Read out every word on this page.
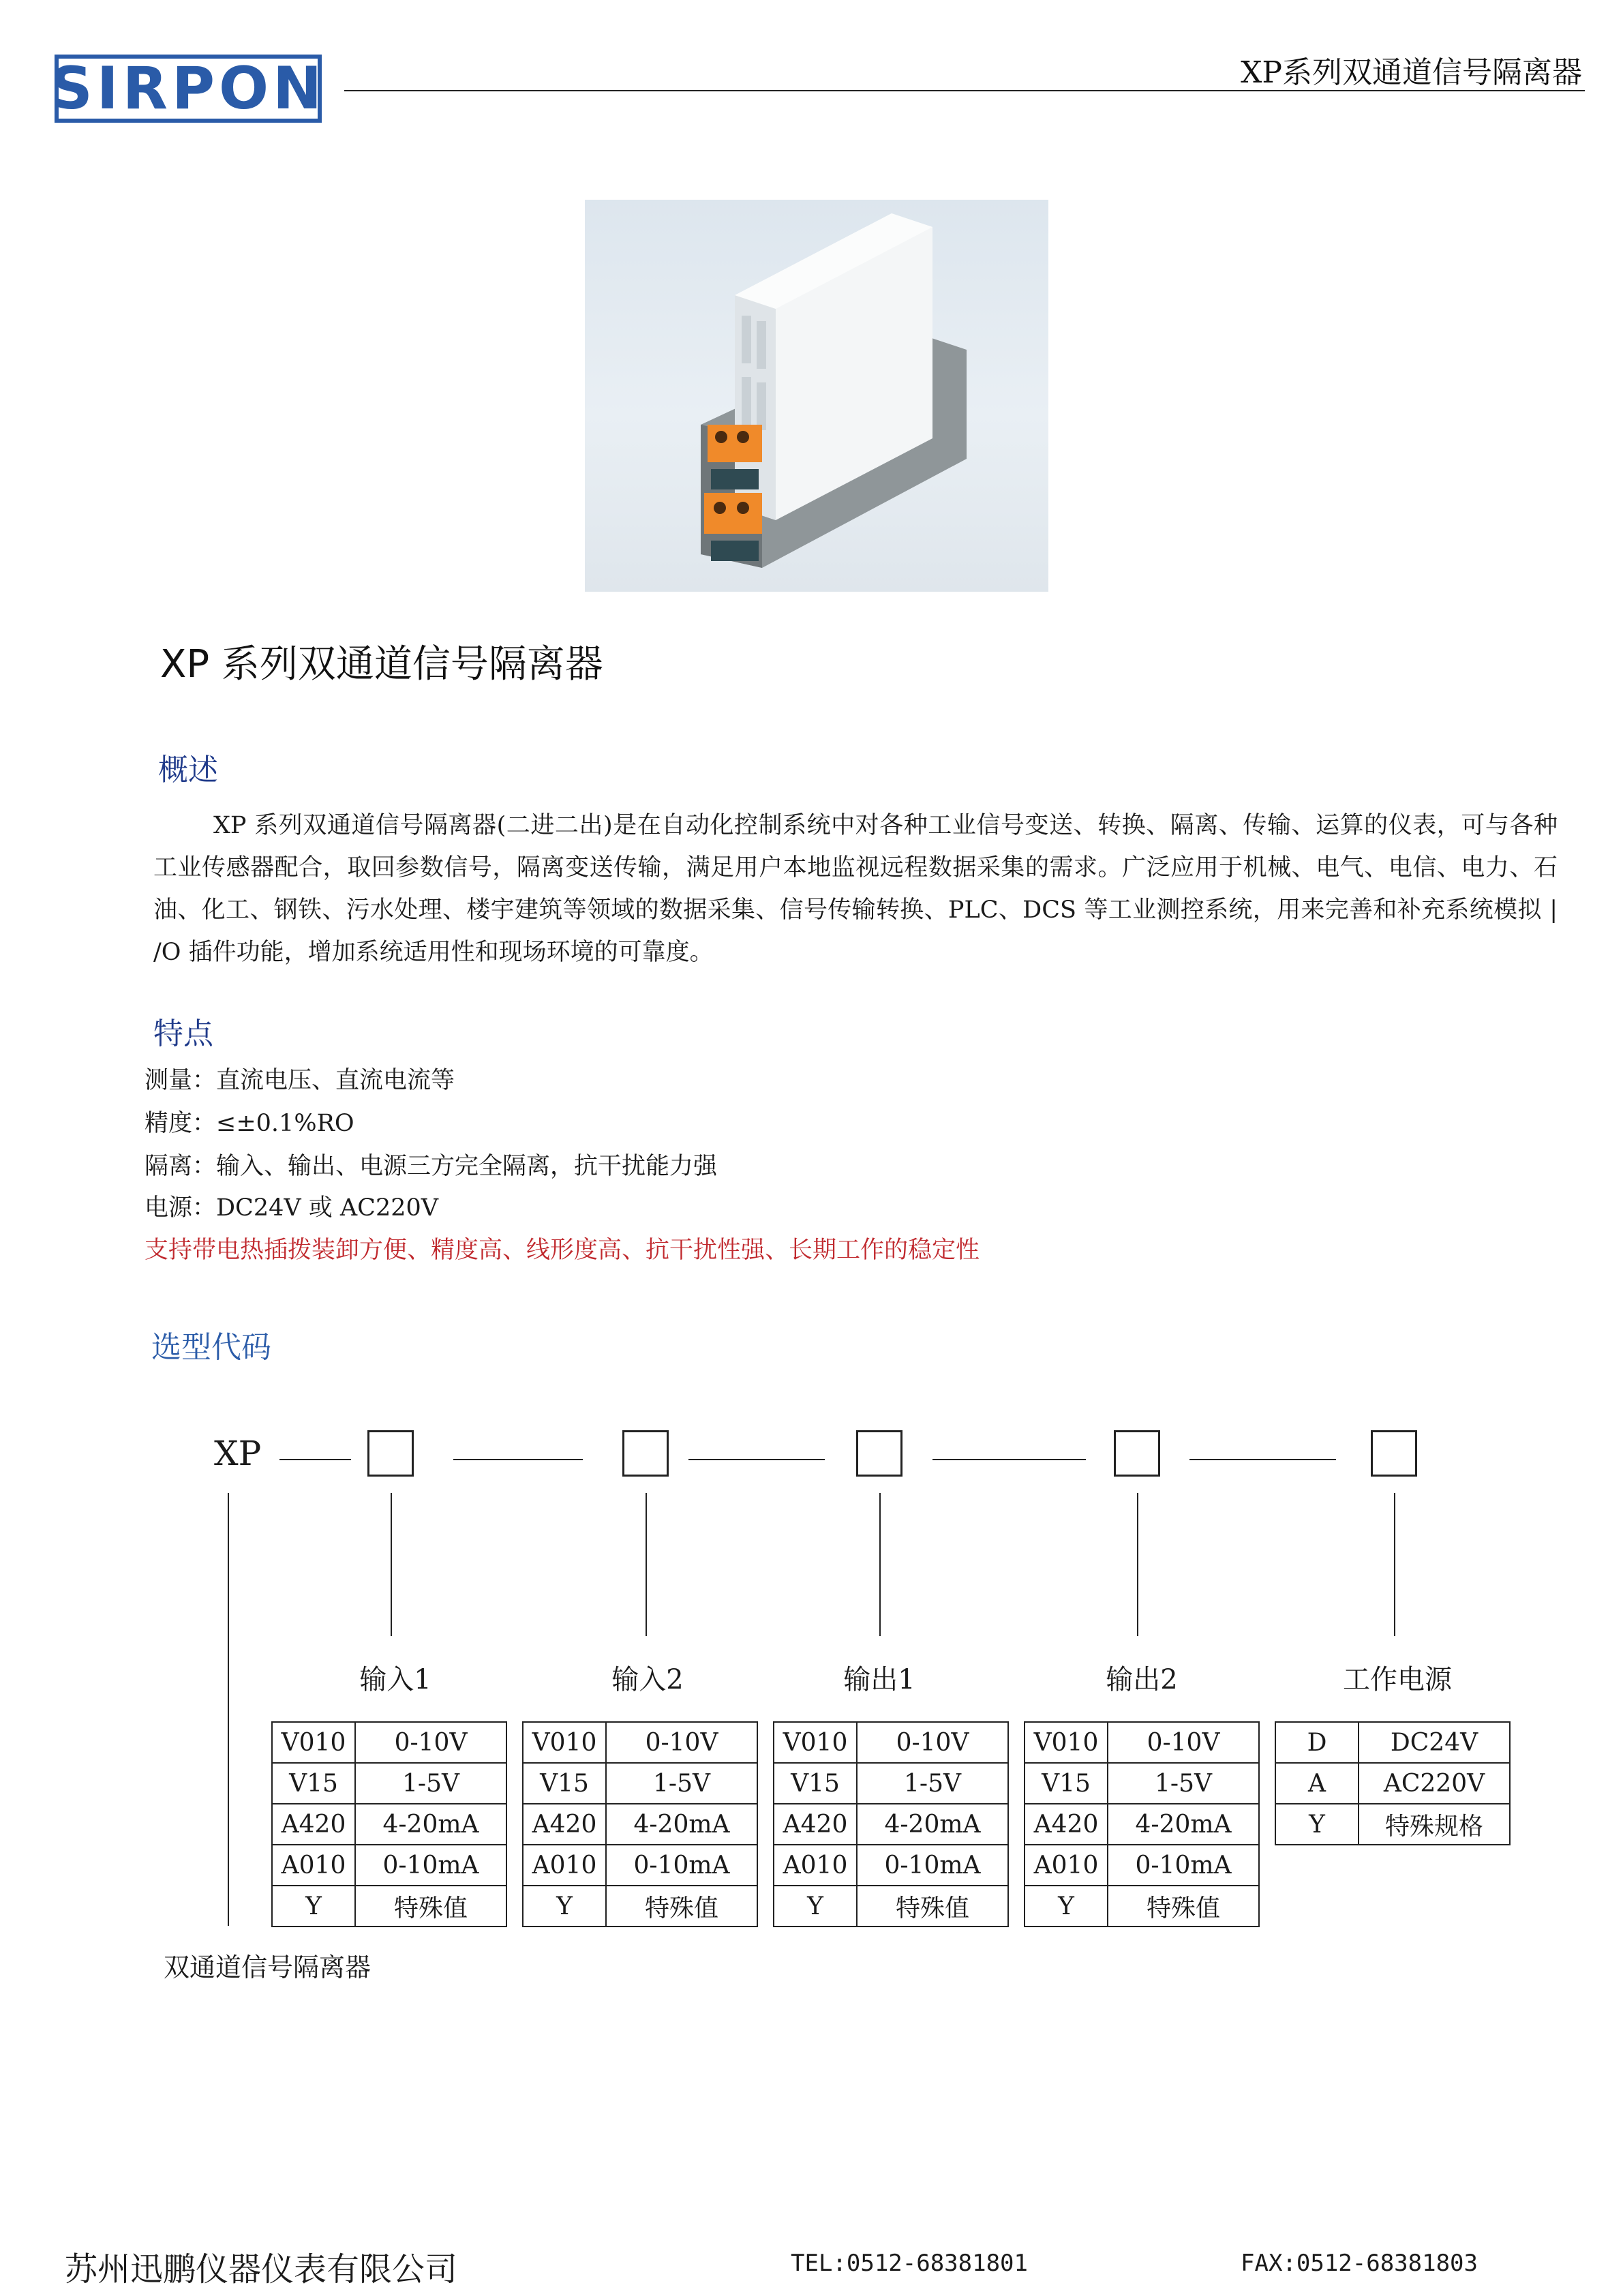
SIRPON	XP系列双通道信号隔离器
XP 系列双通道信号隔离器
概述
XP 系列双通道信号隔离器(二进二出)是在自动化控制系统中对各种工业信号变送、转换、隔离、传输、运算的仪表，可与各种工业传感器配合，取回参数信号，隔离变送传输，满足用户本地监视远程数据采集的需求。广泛应用于机械、电气、电信、电力、石油、化工、钢铁、污水处理、楼宇建筑等领域的数据采集、信号传输转换、PLC、DCS 等工业测控系统，用来完善和补充系统模拟 | /O 插件功能，增加系统适用性和现场环境的可靠度。
特点
测量：直流电压、直流电流等
精度：≤±0.1%RO
隔离：输入、输出、电源三方完全隔离，抗干扰能力强
电源：DC24V 或 AC220V
支持带电热插拨装卸方便、精度高、线形度高、抗干扰性强、长期工作的稳定性
选型代码
XP
输入1	输入2	输出1	输出2	工作电源
V010	0-10V
V15	1-5V
A420	4-20mA
A010	0-10mA
Y	特殊值
V010	0-10V
V15	1-5V
A420	4-20mA
A010	0-10mA
Y	特殊值
V010	0-10V
V15	1-5V
A420	4-20mA
A010	0-10mA
Y	特殊值
V010	0-10V
V15	1-5V
A420	4-20mA
A010	0-10mA
Y	特殊值
D	DC24V
A	AC220V
Y	特殊规格
双通道信号隔离器
苏州迅鹏仪器仪表有限公司	TEL:0512-68381801	FAX:0512-68381803
